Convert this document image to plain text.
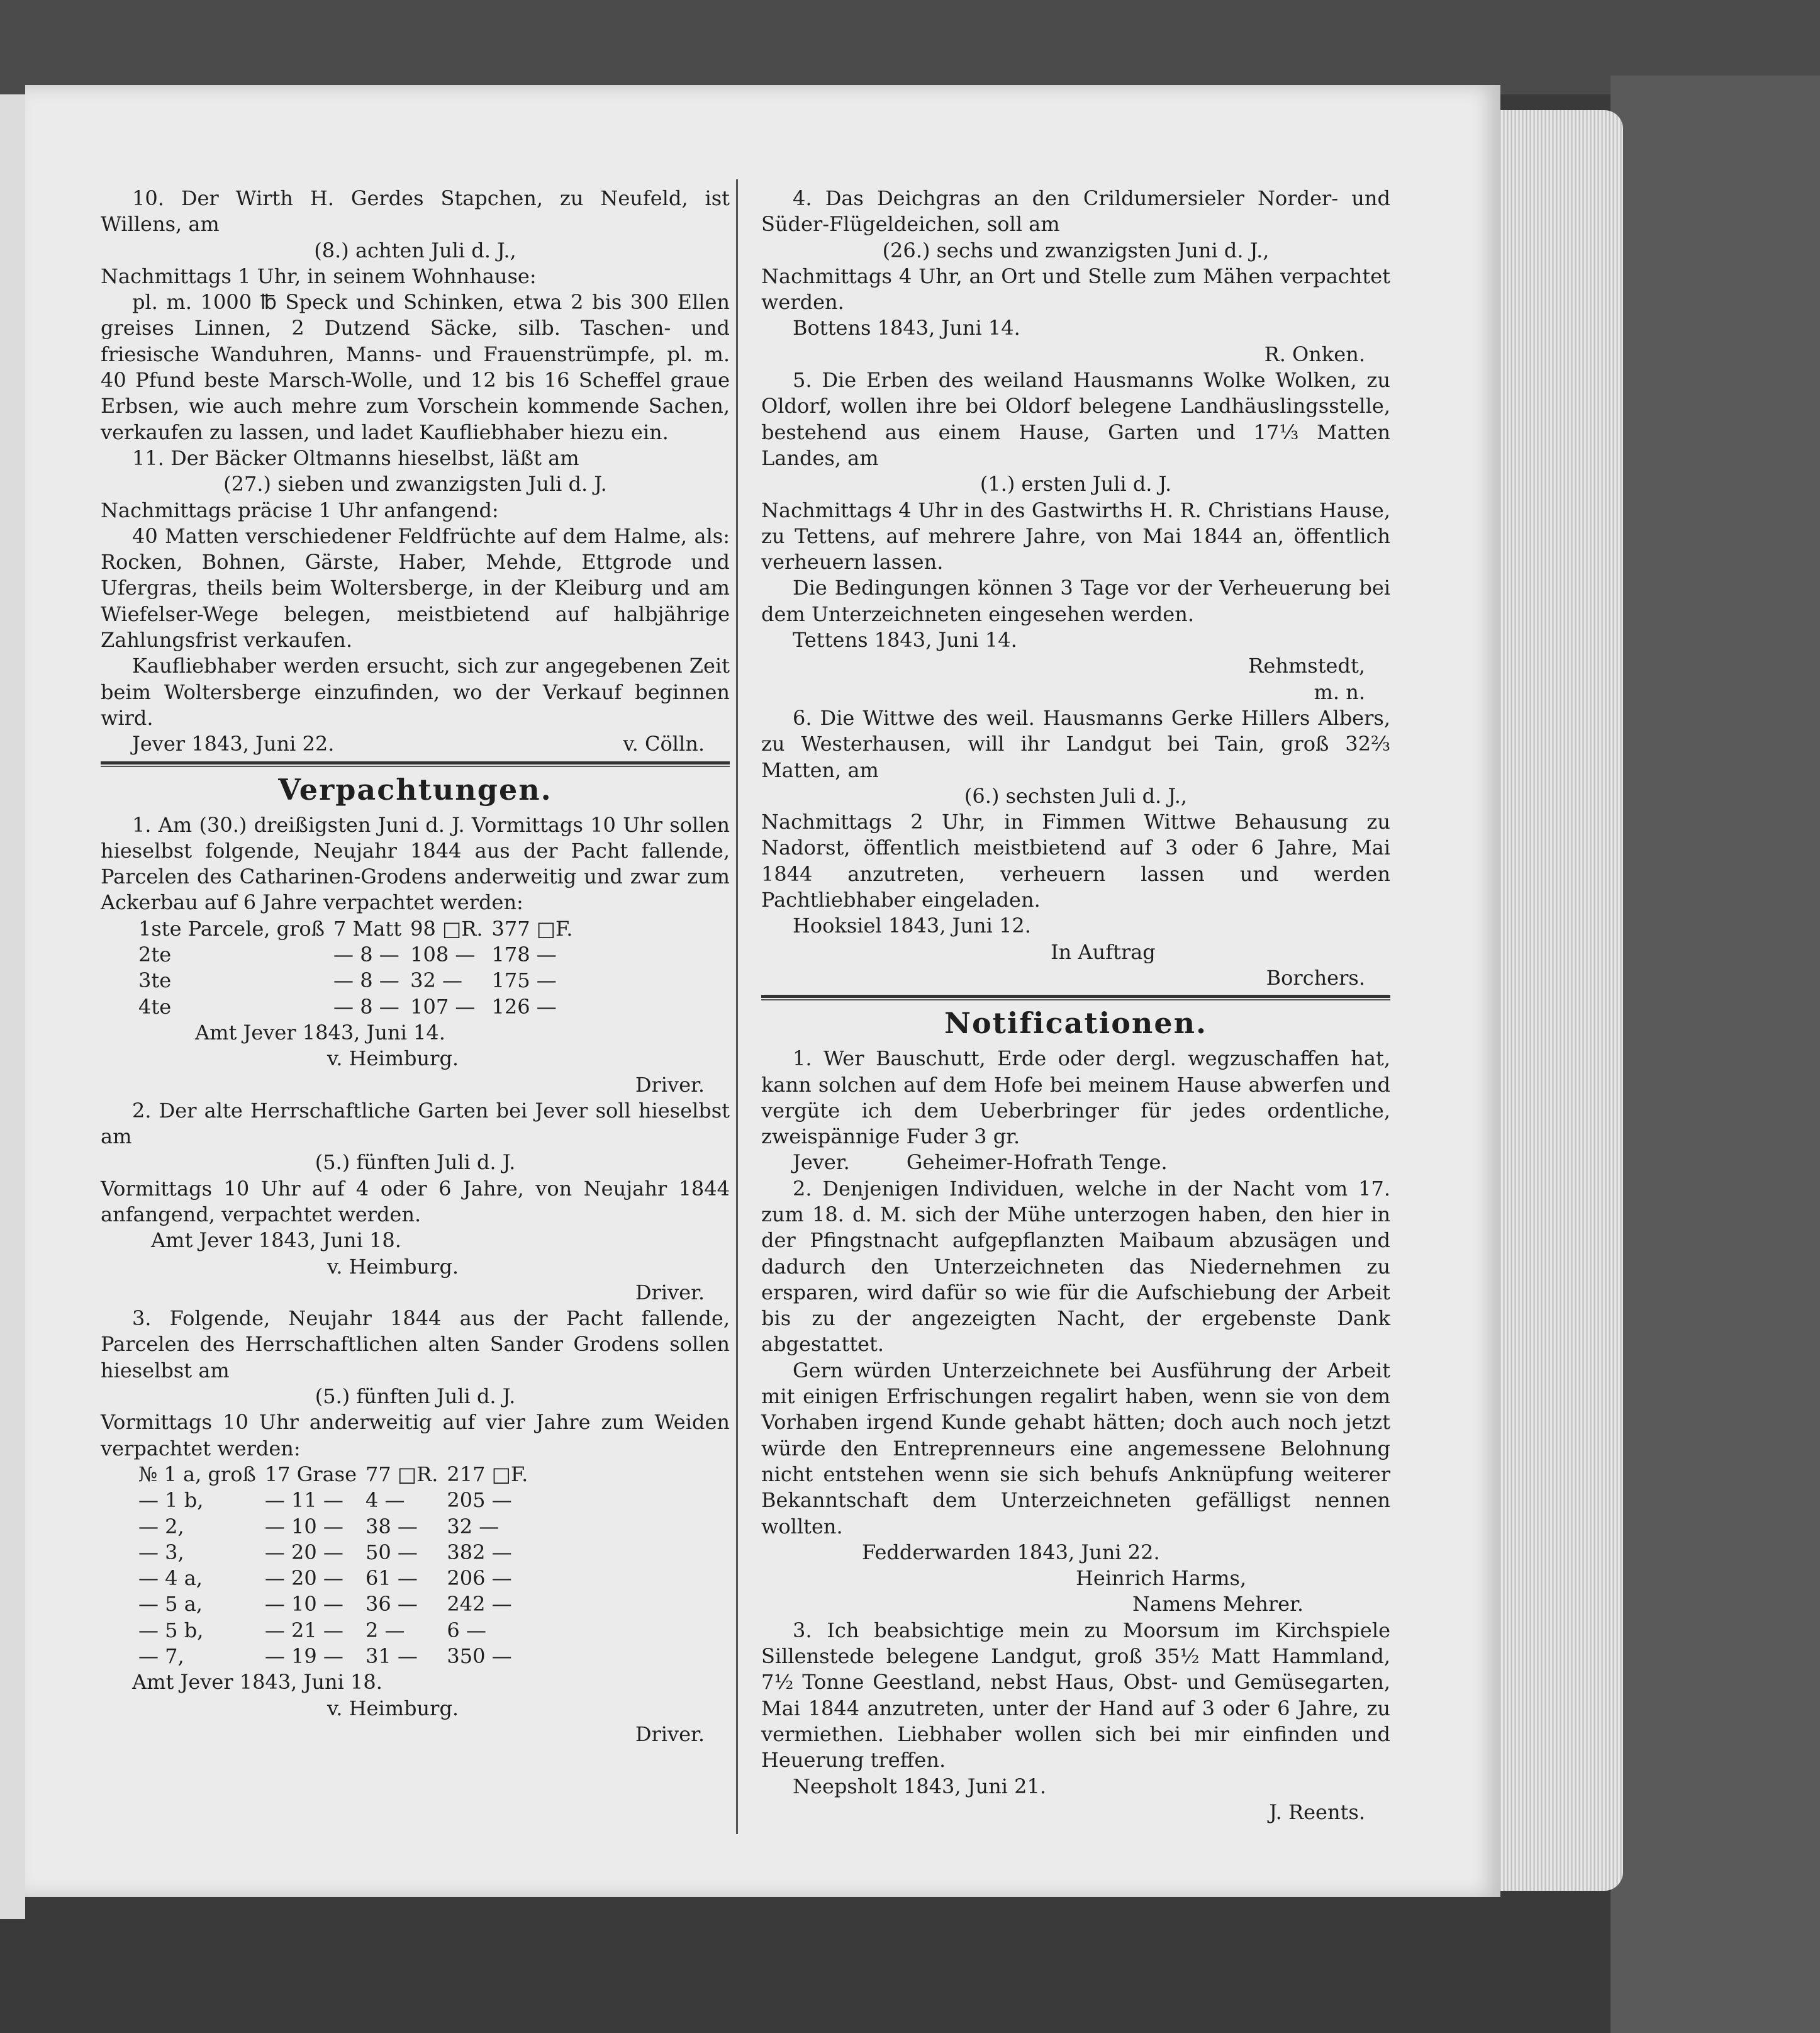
10. Der Wirth H. Gerdes Stapchen, zu Neufeld, ist Willens, am

(8.) achten Juli d. J.,

Nachmittags 1 Uhr, in seinem Wohnhause:

pl. m. 1000 ℔ Speck und Schinken, etwa 2 bis 300 Ellen greises Linnen, 2 Dutzend Säcke, silb. Taschen- und friesische Wanduhren, Manns- und Frauenstrümpfe, pl. m. 40 Pfund beste Marsch-Wolle, und 12 bis 16 Scheffel graue Erbsen, wie auch mehre zum Vorschein kommende Sachen, verkaufen zu lassen, und ladet Kaufliebhaber hiezu ein.

11. Der Bäcker Oltmanns hieselbst, läßt am

(27.) sieben und zwanzigsten Juli d. J.

Nachmittags präcise 1 Uhr anfangend:

40 Matten verschiedener Feldfrüchte auf dem Halme, als: Rocken, Bohnen, Gärste, Haber, Mehde, Ettgrode und Ufergras, theils beim Woltersberge, in der Kleiburg und am Wiefelser-Wege belegen, meistbietend auf halbjährige Zahlungsfrist verkaufen.

Kaufliebhaber werden ersucht, sich zur angegebenen Zeit beim Woltersberge einzufinden, wo der Verkauf beginnen wird.

Jever 1843, Juni 22.	v. Cölln.

Verpachtungen.

1. Am (30.) dreißigsten Juni d. J. Vormittags 10 Uhr sollen hieselbst folgende, Neujahr 1844 aus der Pacht fallende, Parcelen des Catharinen-Grodens anderweitig und zwar zum Ackerbau auf 6 Jahre verpachtet werden:

1ste Parcele, groß	7 Matt	98 □R.	377 □F.
2te	— 8 —	108 —	178 —
3te	— 8 —	32 —	175 —
4te	— 8 —	107 —	126 —

Amt Jever 1843, Juni 14.

v. Heimburg.

Driver.

2. Der alte Herrschaftliche Garten bei Jever soll hieselbst am

(5.) fünften Juli d. J.

Vormittags 10 Uhr auf 4 oder 6 Jahre, von Neujahr 1844 anfangend, verpachtet werden.

Amt Jever 1843, Juni 18.

v. Heimburg.

Driver.

3. Folgende, Neujahr 1844 aus der Pacht fallende, Parcelen des Herrschaftlichen alten Sander Grodens sollen hieselbst am

(5.) fünften Juli d. J.

Vormittags 10 Uhr anderweitig auf vier Jahre zum Weiden verpachtet werden:

№ 1 a, groß	17 Grase	77 □R.	217 □F.
— 1 b,	— 11 —	4 —	205 —
— 2,	— 10 —	38 —	32 —
— 3,	— 20 —	50 —	382 —
— 4 a,	— 20 —	61 —	206 —
— 5 a,	— 10 —	36 —	242 —
— 5 b,	— 21 —	2 —	6 —
— 7,	— 19 —	31 —	350 —

Amt Jever 1843, Juni 18.

v. Heimburg.

Driver.

4. Das Deichgras an den Crildumersieler Norder- und Süder-Flügeldeichen, soll am

(26.) sechs und zwanzigsten Juni d. J.,

Nachmittags 4 Uhr, an Ort und Stelle zum Mähen verpachtet werden.

Bottens 1843, Juni 14.

R. Onken.

5. Die Erben des weiland Hausmanns Wolke Wolken, zu Oldorf, wollen ihre bei Oldorf belegene Landhäuslingsstelle, bestehend aus einem Hause, Garten und 17⅓ Matten Landes, am

(1.) ersten Juli d. J.

Nachmittags 4 Uhr in des Gastwirths H. R. Christians Hause, zu Tettens, auf mehrere Jahre, von Mai 1844 an, öffentlich verheuern lassen.

Die Bedingungen können 3 Tage vor der Verheuerung bei dem Unterzeichneten eingesehen werden.

Tettens 1843, Juni 14.

Rehmstedt,

m. n.

6. Die Wittwe des weil. Hausmanns Gerke Hillers Albers, zu Westerhausen, will ihr Landgut bei Tain, groß 32⅔ Matten, am

(6.) sechsten Juli d. J.,

Nachmittags 2 Uhr, in Fimmen Wittwe Behausung zu Nadorst, öffentlich meistbietend auf 3 oder 6 Jahre, Mai 1844 anzutreten, verheuern lassen und werden Pachtliebhaber eingeladen.

Hooksiel 1843, Juni 12.

In Auftrag

Borchers.

Notificationen.

1. Wer Bauschutt, Erde oder dergl. wegzuschaffen hat, kann solchen auf dem Hofe bei meinem Hause abwerfen und vergüte ich dem Ueberbringer für jedes ordentliche, zweispännige Fuder 3 gr.

Jever.	Geheimer-Hofrath Tenge.

2. Denjenigen Individuen, welche in der Nacht vom 17. zum 18. d. M. sich der Mühe unterzogen haben, den hier in der Pfingstnacht aufgepflanzten Maibaum abzusägen und dadurch den Unterzeichneten das Niedernehmen zu ersparen, wird dafür so wie für die Aufschiebung der Arbeit bis zu der angezeigten Nacht, der ergebenste Dank abgestattet.

Gern würden Unterzeichnete bei Ausführung der Arbeit mit einigen Erfrischungen regalirt haben, wenn sie von dem Vorhaben irgend Kunde gehabt hätten; doch auch noch jetzt würde den Entreprenneurs eine angemessene Belohnung nicht entstehen wenn sie sich behufs Anknüpfung weiterer Bekanntschaft dem Unterzeichneten gefälligst nennen wollten.

Fedderwarden 1843, Juni 22.

Heinrich Harms,

Namens Mehrer.

3. Ich beabsichtige mein zu Moorsum im Kirchspiele Sillenstede belegene Landgut, groß 35½ Matt Hammland, 7½ Tonne Geestland, nebst Haus, Obst- und Gemüsegarten, Mai 1844 anzutreten, unter der Hand auf 3 oder 6 Jahre, zu vermiethen. Liebhaber wollen sich bei mir einfinden und Heuerung treffen.

Neepsholt 1843, Juni 21.

J. Reents.
